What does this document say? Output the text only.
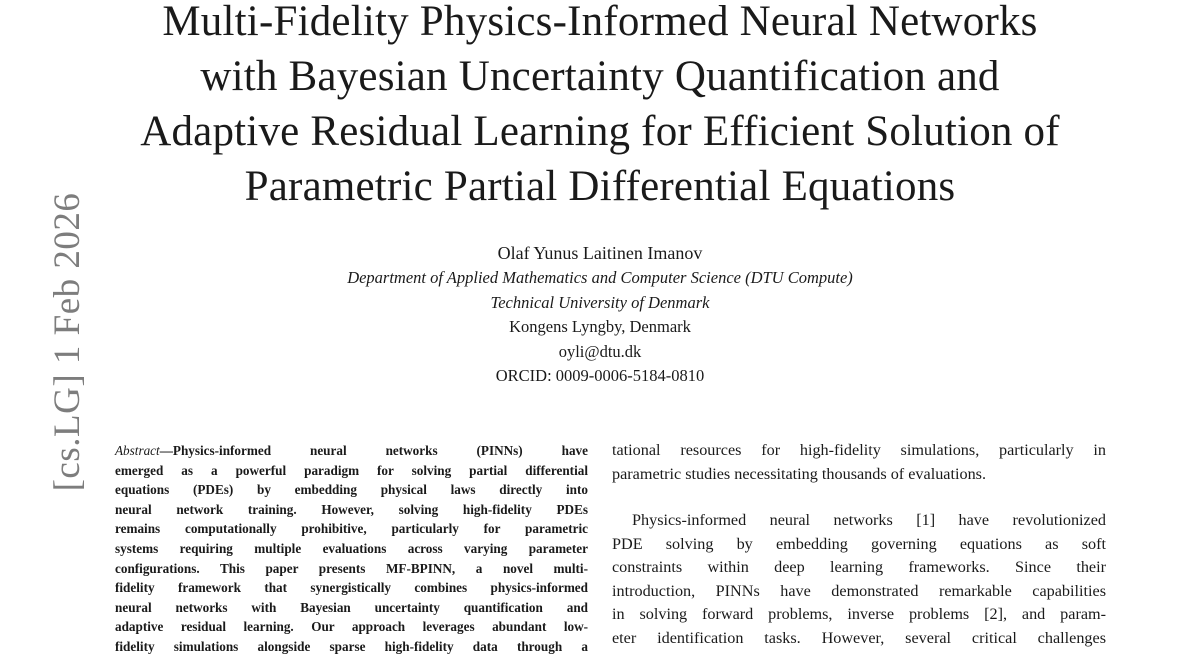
Multi-Fidelity Physics-Informed Neural Networks
with Bayesian Uncertainty Quantification and
Adaptive Residual Learning for Efficient Solution of
Parametric Partial Differential Equations
Olaf Yunus Laitinen Imanov
Department of Applied Mathematics and Computer Science (DTU Compute)
Technical University of Denmark
Kongens Lyngby, Denmark
oyli@dtu.dk
ORCID: 0009-0006-5184-0810
[cs.LG] 1 Feb 2026 Abstract—Physics-informed neural networks (PINNs) have
emerged as a powerful paradigm for solving partial differential
equations (PDEs) by embedding physical laws directly into
neural network training. However, solving high-fidelity PDEs
remains computationally prohibitive, particularly for parametric
systems requiring multiple evaluations across varying parameter
configurations. This paper presents MF-BPINN, a novel multi-
fidelity framework that synergistically combines physics-informed
neural networks with Bayesian uncertainty quantification and
adaptive residual learning. Our approach leverages abundant low-
fidelity simulations alongside sparse high-fidelity data through a
tational resources for high-fidelity simulations, particularly in
parametric studies necessitating thousands of evaluations.
Physics-informed neural networks [1] have revolutionized
PDE solving by embedding governing equations as soft
constraints within deep learning frameworks. Since their
introduction, PINNs have demonstrated remarkable capabilities
in solving forward problems, inverse problems [2], and param-
eter identification tasks. However, several critical challenges
